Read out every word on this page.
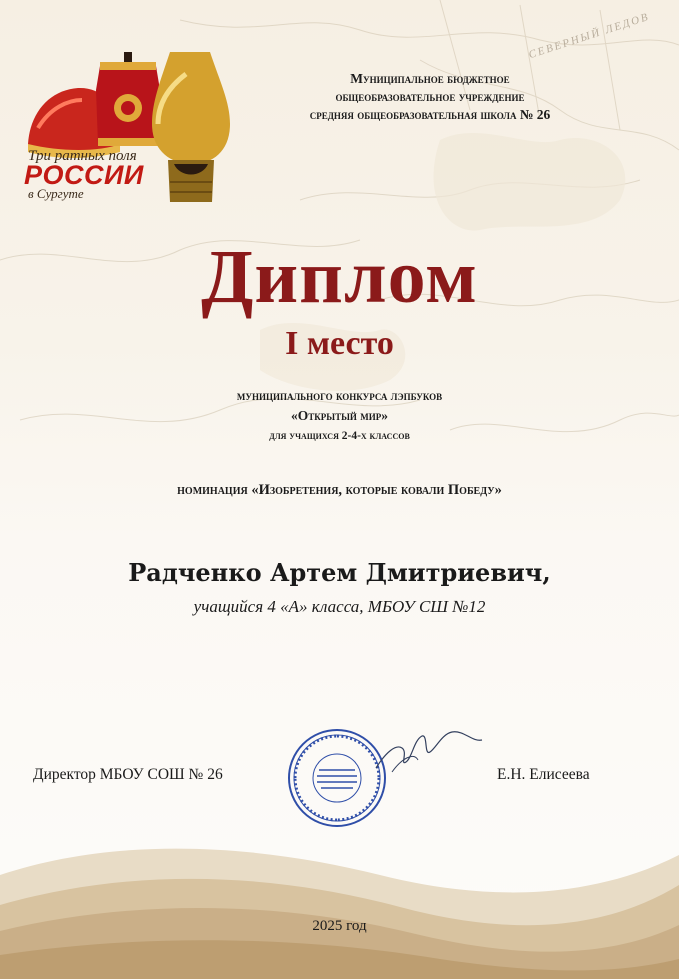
СЕВЕРНЫЙ ЛЕДОВ
Три ратных поля
РОССИИ
в Сургуте
Муниципальное бюджетное
общеобразовательное учреждение
средняя общеобразовательная школа № 26
Диплом
I место
муниципального конкурса лэпбуков
«Открытый мир»
для учащихся 2-4-х классов
номинация «Изобретения, которые ковали Победу»
Радченко Артем Дмитриевич,
учащийся 4 «А» класса, МБОУ СШ №12
Директор МБОУ СОШ № 26	Е.Н. Елисеева
2025 год
